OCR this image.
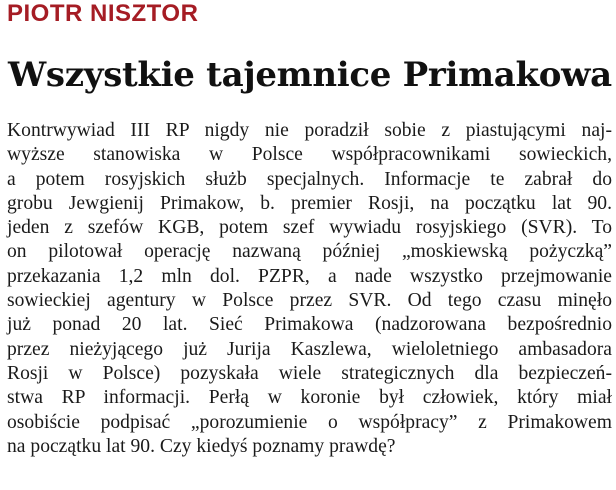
PIOTR NISZTOR
Wszystkie tajemnice Primakowa
Kontrwywiad III RP nigdy nie poradził sobie z piastującymi naj-
wyższe stanowiska w Polsce współpracownikami sowieckich,
a potem rosyjskich służb specjalnych. Informacje te zabrał do
grobu Jewgienij Primakow, b. premier Rosji, na początku lat 90.
jeden z szefów KGB, potem szef wywiadu rosyjskiego (SVR). To
on pilotował operację nazwaną później „moskiewską pożyczką”
przekazania 1,2 mln dol. PZPR, a nade wszystko przejmowanie
sowieckiej agentury w Polsce przez SVR. Od tego czasu minęło
już ponad 20 lat. Sieć Primakowa (nadzorowana bezpośrednio
przez nieżyjącego już Jurija Kaszlewa, wieloletniego ambasadora
Rosji w Polsce) pozyskała wiele strategicznych dla bezpieczeń-
stwa RP informacji. Perłą w koronie był człowiek, który miał
osobiście podpisać „porozumienie o współpracy” z Primakowem
na początku lat 90. Czy kiedyś poznamy prawdę?
